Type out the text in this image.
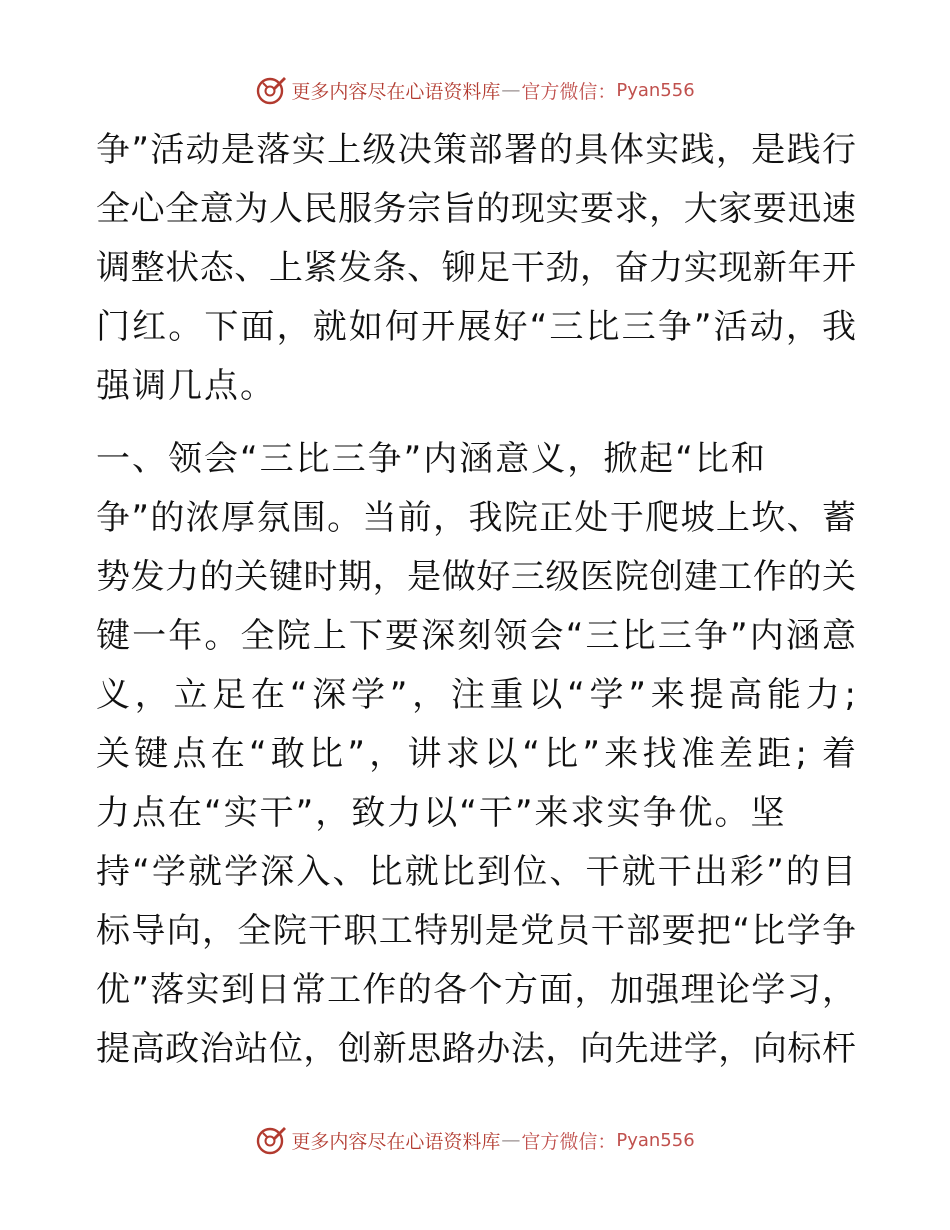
更多内容尽在心语资料库 — 官方微信： Pyan556
争”活动是落实上级决策部署的具体实践，是践行
全心全意为人民服务宗旨的现实要求，大家要迅速
调整状态、上紧发条、铆足干劲，奋力实现新年开
门红。下面，就如何开展好“三比三争”活动，我
强调几点。
一、领会“三比三争”内涵意义，掀起“比和
争”的浓厚氛围。当前，我院正处于爬坡上坎、蓄
势发力的关键时期，是做好三级医院创建工作的关
键一年。全院上下要深刻领会“三比三争”内涵意
义，立足在“深学”，注重以“学”来提高能力;
关键点在“敢比”，讲求以“比”来找准差距; 着
力点在“实干”，致力以“干”来求实争优。坚
持“学就学深入、比就比到位、干就干出彩”的目
标导向，全院干职工特别是党员干部要把“比学争
优”落实到日常工作的各个方面，加强理论学习，
提高政治站位，创新思路办法，向先进学，向标杆
更多内容尽在心语资料库 — 官方微信： Pyan556
